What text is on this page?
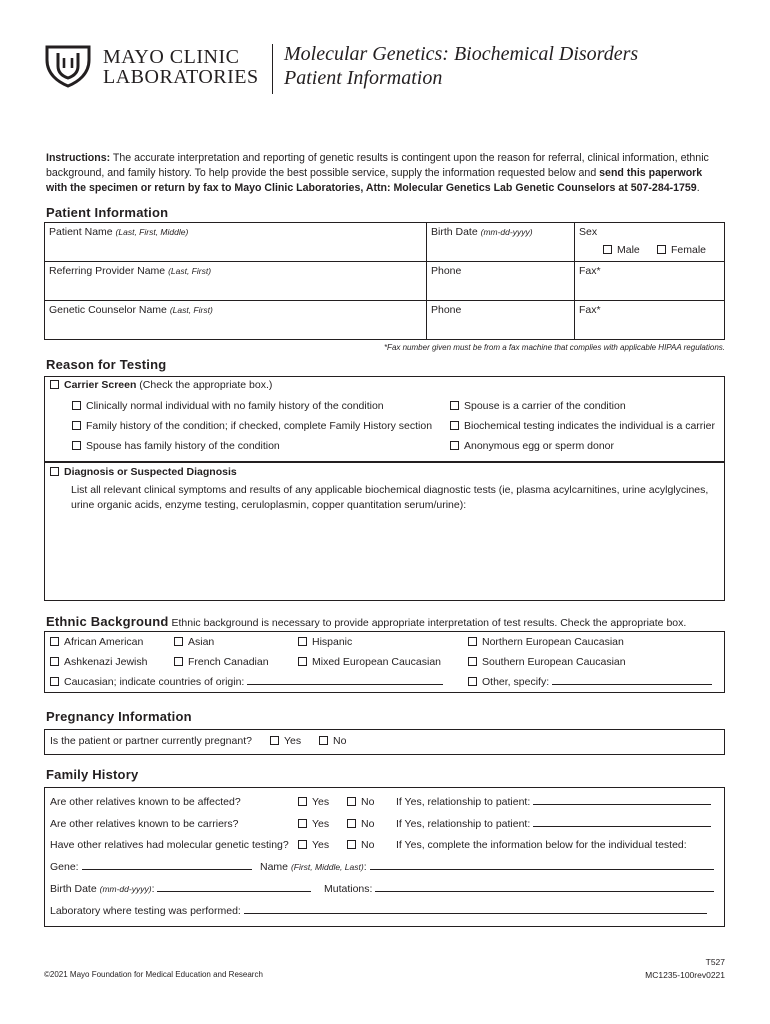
MAYO CLINIC
LABORATORIES
Molecular Genetics: Biochemical Disorders
Patient Information
Instructions: The accurate interpretation and reporting of genetic results is contingent upon the reason for referral, clinical information, ethnic background, and family history. To help provide the best possible service, supply the information requested below and send this paperwork with the specimen or return by fax to Mayo Clinic Laboratories, Attn: Molecular Genetics Lab Genetic Counselors at 507-284-1759.
Patient Information
Patient Name (Last, First, Middle)	Birth Date (mm-dd-yyyy)	Sex
Male	Female
Referring Provider Name (Last, First)	Phone	Fax*
Genetic Counselor Name (Last, First)	Phone	Fax*
*Fax number given must be from a fax machine that complies with applicable HIPAA regulations.
Reason for Testing
Carrier Screen (Check the appropriate box.)
Clinically normal individual with no family history of the condition
Family history of the condition; if checked, complete Family History section
Spouse has family history of the condition
Spouse is a carrier of the condition
Biochemical testing indicates the individual is a carrier
Anonymous egg or sperm donor
Diagnosis or Suspected Diagnosis
List all relevant clinical symptoms and results of any applicable biochemical diagnostic tests (ie, plasma acylcarnitines, urine acylglycines, urine organic acids, enzyme testing, ceruloplasmin, copper quantitation serum/urine):
Ethnic Background Ethnic background is necessary to provide appropriate interpretation of test results. Check the appropriate box.
African American	Asian	Hispanic	Northern European Caucasian
Ashkenazi Jewish	French Canadian	Mixed European Caucasian	Southern European Caucasian
Caucasian; indicate countries of origin:	Other, specify:
Pregnancy Information
Is the patient or partner currently pregnant?	Yes	No
Family History
Are other relatives known to be affected?	Yes	No If Yes, relationship to patient:
Are other relatives known to be carriers?	Yes	No If Yes, relationship to patient:
Have other relatives had molecular genetic testing?	Yes	No If Yes, complete the information below for the individual tested:
Gene:	Name (First, Middle, Last):
Birth Date (mm-dd-yyyy):	Mutations:
Laboratory where testing was performed:
©2021 Mayo Foundation for Medical Education and Research
T527
MC1235-100rev0221
